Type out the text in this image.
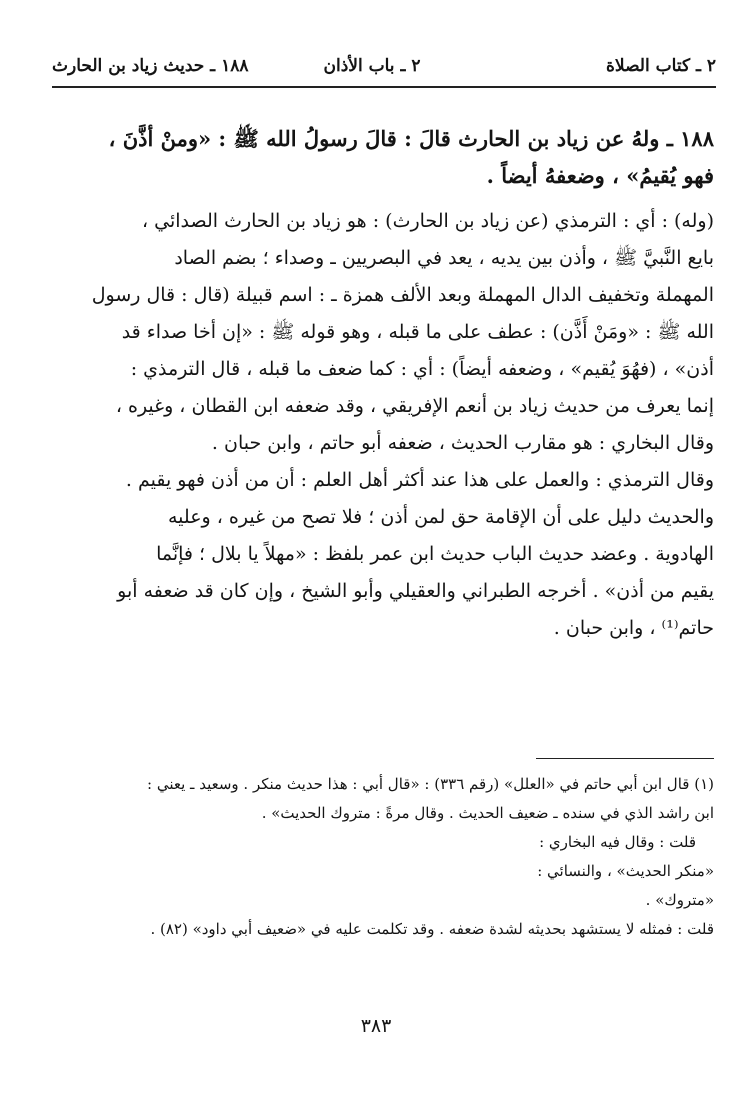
٢ ـ كتاب الصلاة
٢ ـ باب الأذان
١٨٨ ـ حديث زياد بن الحارث
١٨٨ ـ ولهُ عن زياد بن الحارث قالَ : قالَ رسولُ الله ﷺ : «ومنْ أذَّنَ ،
فهو يُقيمُ» ، وضعفهُ أيضاً .
(وله) : أي : الترمذي (عن زياد بن الحارث) : هو زياد بن الحارث الصدائي ،
بايع النَّبيَّ ﷺ ، وأذن بين يديه ، يعد في البصريين ـ وصداء ؛ بضم الصاد
المهملة وتخفيف الدال المهملة وبعد الألف همزة ـ : اسم قبيلة (قال : قال رسول
الله ﷺ : «ومَنْ أَذَّن) : عطف على ما قبله ، وهو قوله ﷺ : «إن أخا صداء قد
أذن» ، (فهُوَ يُقيم» ، وضعفه أيضاً) : أي : كما ضعف ما قبله ، قال الترمذي :
إنما يعرف من حديث زياد بن أنعم الإفريقي ، وقد ضعفه ابن القطان ، وغيره ،
وقال البخاري : هو مقارب الحديث ، ضعفه أبو حاتم ، وابن حبان .
وقال الترمذي : والعمل على هذا عند أكثر أهل العلم : أن من أذن فهو يقيم .
والحديث دليل على أن الإقامة حق لمن أذن ؛ فلا تصح من غيره ، وعليه
الهادوية . وعضد حديث الباب حديث ابن عمر بلفظ : «مهلاً يا بلال ؛ فإنَّما
يقيم من أذن» . أخرجه الطبراني والعقيلي وأبو الشيخ ، وإن كان قد ضعفه أبو
حاتم⁽¹⁾ ، وابن حبان .
(١) قال ابن أبي حاتم في «العلل» (رقم ٣٣٦) : «قال أبي : هذا حديث منكر . وسعيد ـ يعني :
ابن راشد الذي في سنده ـ ضعيف الحديث . وقال مرةً : متروك الحديث» .
قلت : وقال فيه البخاري :
«منكر الحديث» ، والنسائي :
«متروك» .
قلت : فمثله لا يستشهد بحديثه لشدة ضعفه . وقد تكلمت عليه في «ضعيف أبي داود» (٨٢) .
٣٨٣
